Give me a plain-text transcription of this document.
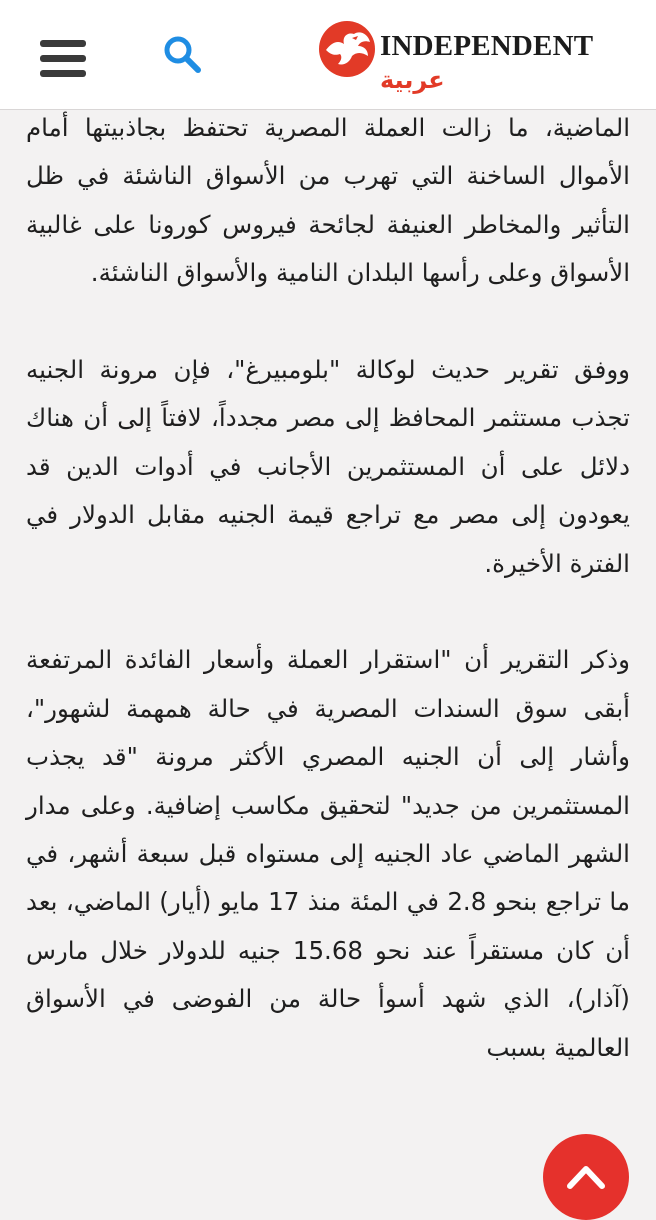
INDEPENDENT
عربية

الماضية، ما زالت العملة المصرية تحتفظ بجاذبيتها أمام الأموال الساخنة التي تهرب من الأسواق الناشئة في ظل التأثير والمخاطر العنيفة لجائحة فيروس كورونا على غالبية الأسواق وعلى رأسها البلدان النامية والأسواق الناشئة.

ووفق تقرير حديث لوكالة "بلومبيرغ"، فإن مرونة الجنيه تجذب مستثمر المحافظ إلى مصر مجدداً، لافتاً إلى أن هناك دلائل على أن المستثمرين الأجانب في أدوات الدين قد يعودون إلى مصر مع تراجع قيمة الجنيه مقابل الدولار في الفترة الأخيرة.

وذكر التقرير أن "استقرار العملة وأسعار الفائدة المرتفعة أبقى سوق السندات المصرية في حالة همهمة لشهور"، وأشار إلى أن الجنيه المصري الأكثر مرونة "قد يجذب المستثمرين من جديد" لتحقيق مكاسب إضافية. وعلى مدار الشهر الماضي عاد الجنيه إلى مستواه قبل سبعة أشهر، في ما تراجع بنحو 2.8 في المئة منذ 17 مايو (أيار) الماضي، بعد أن كان مستقراً عند نحو 15.68 جنيه للدولار خلال مارس (آذار)، الذي شهد أسوأ حالة من الفوضى في الأسواق العالمية بسبب
